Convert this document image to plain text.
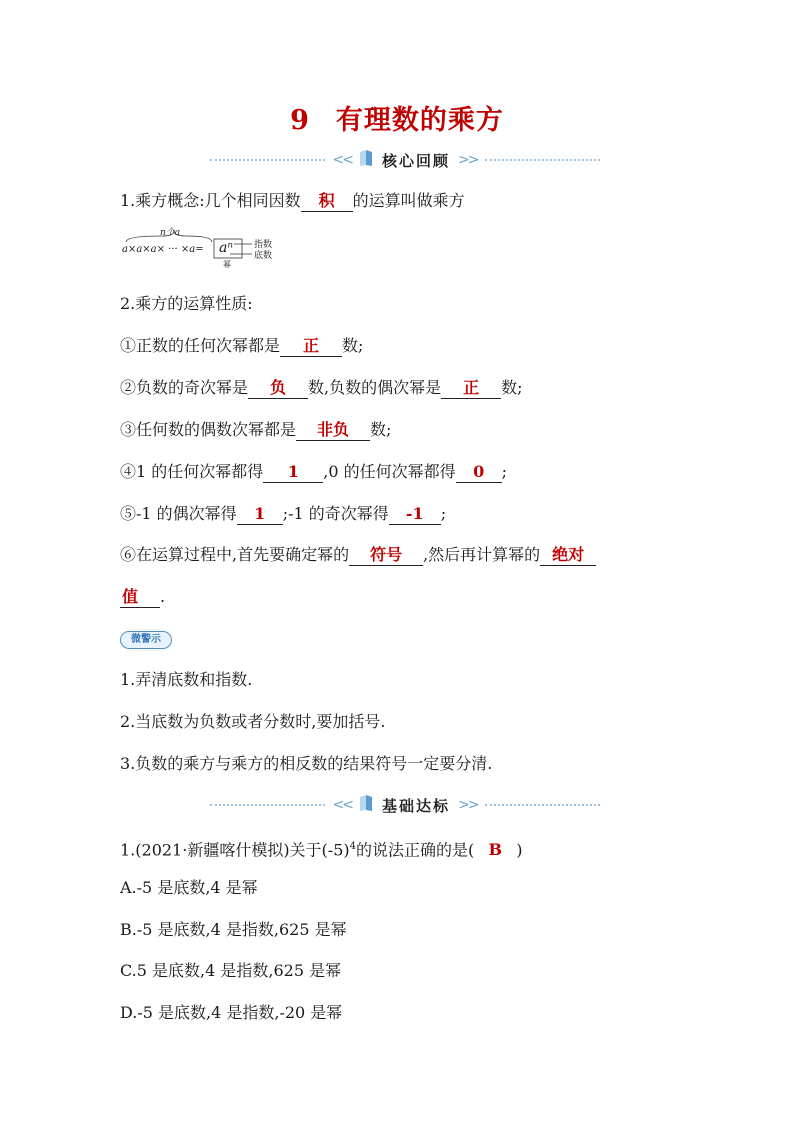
9 有理数的乘方
<< 核心回顾 >>
1.乘方概念:几个相同因数 积 的运算叫做乘方
n个a
a×a×a× ··· ×a= aⁿ 指数
底数
幂
2.乘方的运算性质:
①正数的任何次幂都是 正 数;
②负数的奇次幂是 负 数,负数的偶次幂是 正 数;
③任何数的偶数次幂都是 非负 数;
④1 的任何次幂都得 1 ,0 的任何次幂都得 0 ;
⑤-1 的偶次幂得 1 ;-1 的奇次幂得 -1 ;
⑥在运算过程中,首先要确定幂的 符号 ,然后再计算幂的 绝对
值 .
微警示
1.弄清底数和指数.
2.当底数为负数或者分数时,要加括号.
3.负数的乘方与乘方的相反数的结果符号一定要分清.
<< 基础达标 >>
1.(2021·新疆喀什模拟)关于$(-5)^4$的说法正确的是( B )
A.-5 是底数,4 是幂
B.-5 是底数,4 是指数,625 是幂
C.5 是底数,4 是指数,625 是幂
D.-5 是底数,4 是指数,-20 是幂
